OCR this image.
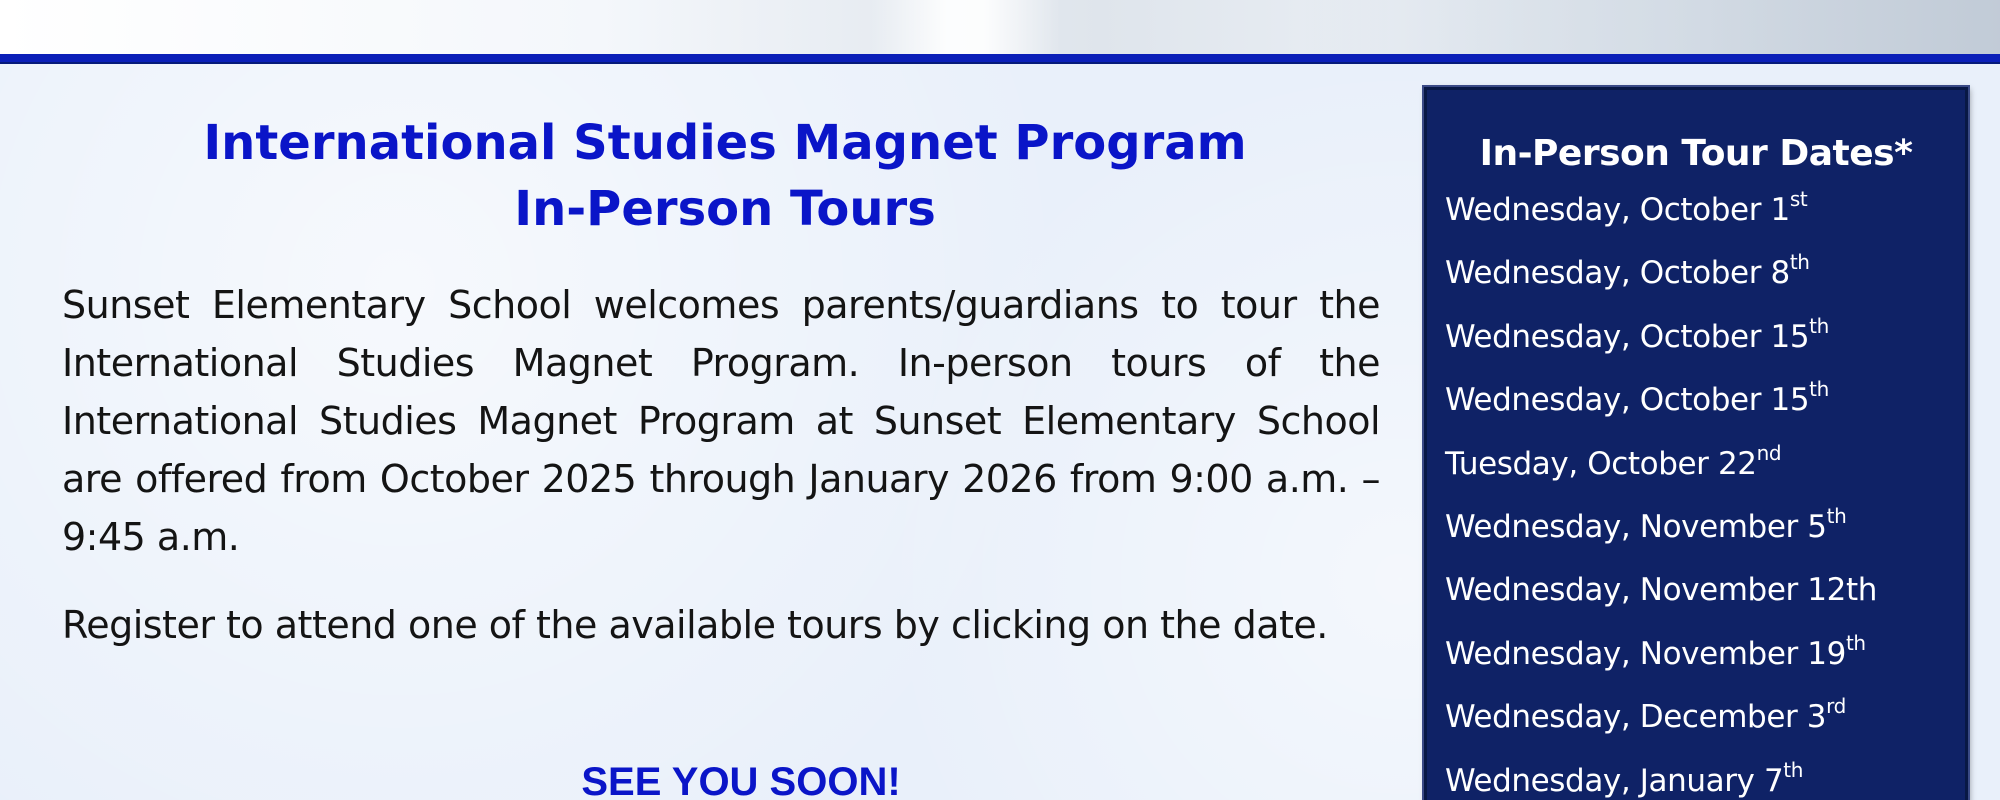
International Studies Magnet Program
In-Person Tours

Sunset Elementary School welcomes parents/guardians to tour the International Studies Magnet Program. In-person tours of the International Studies Magnet Program at Sunset Elementary School are offered from October 2025 through January 2026 from 9:00 a.m. – 9:45 a.m.

Register to attend one of the available tours by clicking on the date.

SEE YOU SOON!

In-Person Tour Dates*
Wednesday, October 1st
Wednesday, October 8th
Wednesday, October 15th
Wednesday, October 15th
Tuesday, October 22nd
Wednesday, November 5th
Wednesday, November 12th
Wednesday, November 19th
Wednesday, December 3rd
Wednesday, January 7th
